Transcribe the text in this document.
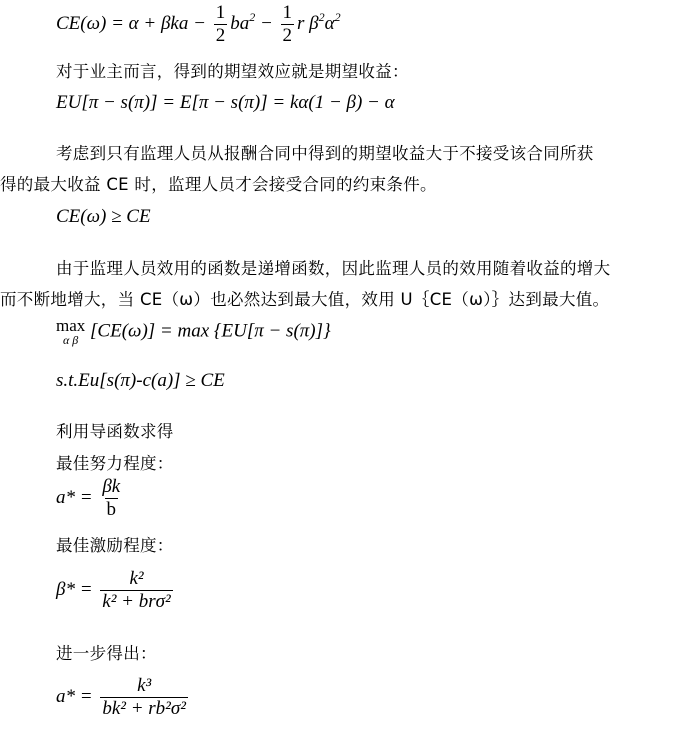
$CE(\omega) = \alpha + \beta ka - \frac{1}{2} ba^2 - \frac{1}{2}$ r $\beta^2\alpha^2$
对于业主而言，得到的期望效应就是期望收益：
EU[π − s(π)] = E[π − s(π)] = kα(1 − β) − α
考虑到只有监理人员从报酬合同中得到的期望收益大于不接受该合同所获
得的最大收益 CE 时，监理人员才会接受合同的约束条件。
CE(ω) ≥ CE
由于监理人员效用的函数是递增函数，因此监理人员的效用随着收益的增大
而不断地增大，当 CE（ω）也必然达到最大值，效用 U｛CE（ω）｝达到最大值。
max
α β [CE(ω)] = max {EU[π − s(π)]}
s.t.Eu[s(π)-c(a)] ≥ CE
利用导函数求得
最佳努力程度：
$a* = \frac{\beta k}{b}$
最佳激励程度：
$\beta* = \frac{\text{k²}}{\text{k² + brσ²}}$
进一步得出：
$a* = \frac{\text{k³}}{\text{bk² + rb²σ²}}$
